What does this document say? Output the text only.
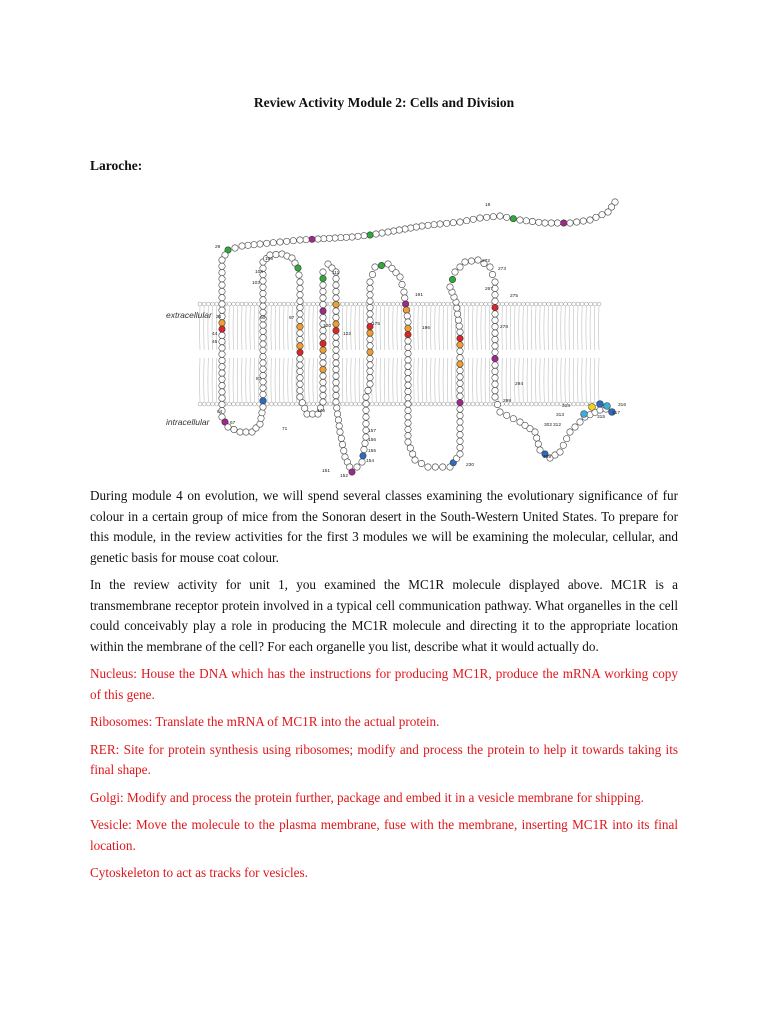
Review Activity Module 2: Cells and Division
Laroche:
extracellular
intracellular
18
29
36
44
45
64
67
71
87
90	97
103
104
106
111
120
122
145
151
152
154
155
156
157
175
191
196
230
267
272
273
275
278
294
299
302
309
312
313
314
315
316
317

During module 4 on evolution, we will spend several classes examining the evolutionary significance of fur colour in a certain group of mice from the Sonoran desert in the South-Western United States. To prepare for this module, in the review activities for the first 3 modules we will be examining the molecular, cellular, and genetic basis for mouse coat colour.

In the review activity for unit 1, you examined the MC1R molecule displayed above. MC1R is a transmembrane receptor protein involved in a typical cell communication pathway. What organelles in the cell could conceivably play a role in producing the MC1R molecule and directing it to the appropriate location within the membrane of the cell? For each organelle you list, describe what it would actually do.

Nucleus: House the DNA which has the instructions for producing MC1R, produce the mRNA working copy of this gene.

Ribosomes: Translate the mRNA of MC1R into the actual protein.

RER: Site for protein synthesis using ribosomes; modify and process the protein to help it towards taking its final shape.

Golgi: Modify and process the protein further, package and embed it in a vesicle membrane for shipping.

Vesicle: Move the molecule to the plasma membrane, fuse with the membrane, inserting MC1R into its final location.

Cytoskeleton to act as tracks for vesicles.
